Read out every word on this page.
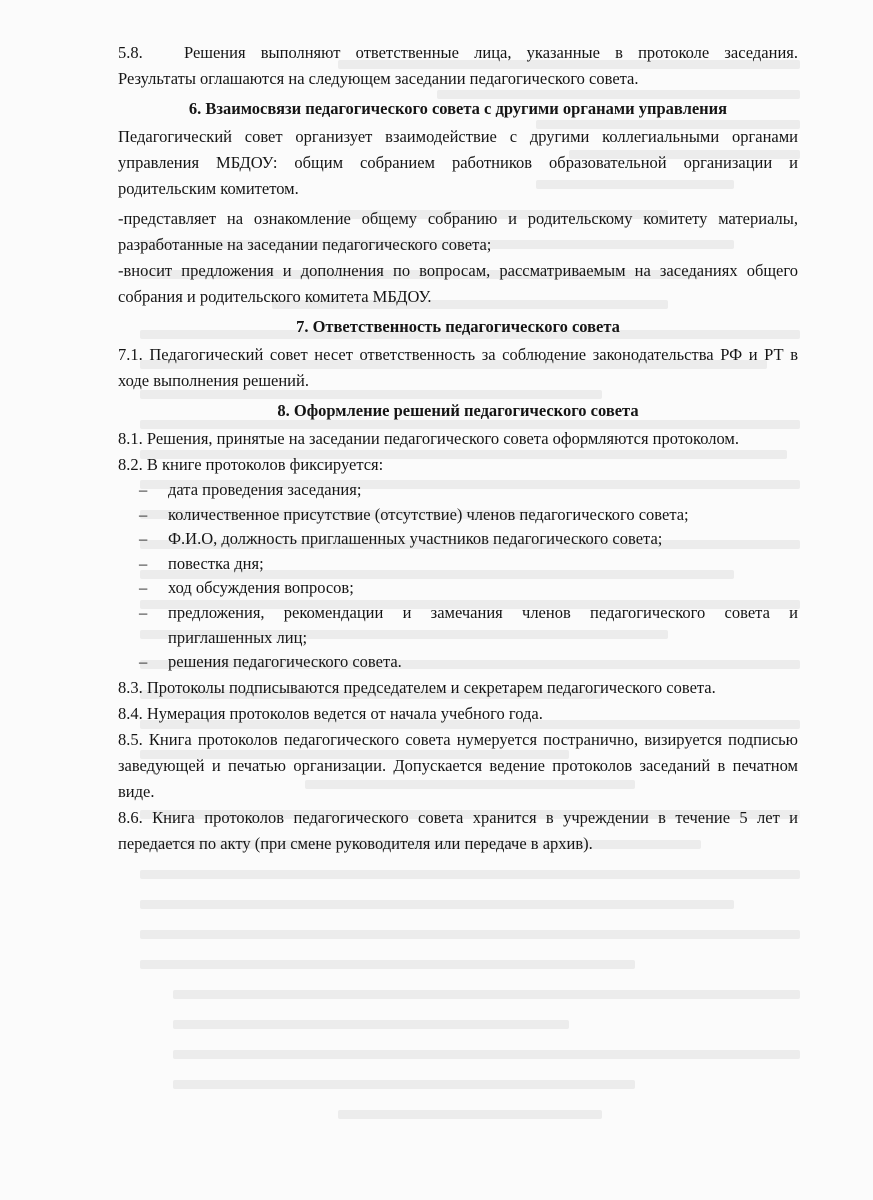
5.8.	Решения выполняют ответственные лица, указанные в протоколе заседания. Результаты оглашаются на следующем заседании педагогического совета.

6. Взаимосвязи педагогического совета с другими органами управления

Педагогический совет организует взаимодействие с другими коллегиальными органами управления МБДОУ: общим собранием работников образовательной организации и родительским комитетом.

-представляет на ознакомление общему собранию и родительскому комитету материалы, разработанные на заседании педагогического совета;

-вносит предложения и дополнения по вопросам, рассматриваемым на заседаниях общего собрания и родительского комитета МБДОУ.

7. Ответственность педагогического совета

7.1. Педагогический совет несет ответственность за соблюдение законодательства РФ и РТ в ходе выполнения решений.

8. Оформление решений педагогического совета

8.1. Решения, принятые на заседании педагогического совета оформляются протоколом.

8.2. В книге протоколов фиксируется:

– дата проведения заседания;
– количественное присутствие (отсутствие) членов педагогического совета;
– Ф.И.О, должность приглашенных участников педагогического совета;
– повестка дня;
– ход обсуждения вопросов;
– предложения, рекомендации и замечания членов педагогического совета и приглашенных лиц;
– решения педагогического совета.

8.3. Протоколы подписываются председателем и секретарем педагогического совета.

8.4. Нумерация протоколов ведется от начала учебного года.

8.5. Книга протоколов педагогического совета нумеруется постранично, визируется подписью заведующей и печатью организации. Допускается ведение протоколов заседаний в печатном виде.

8.6. Книга протоколов педагогического совета хранится в учреждении в течение 5 лет и передается по акту (при смене руководителя или передаче в архив).
